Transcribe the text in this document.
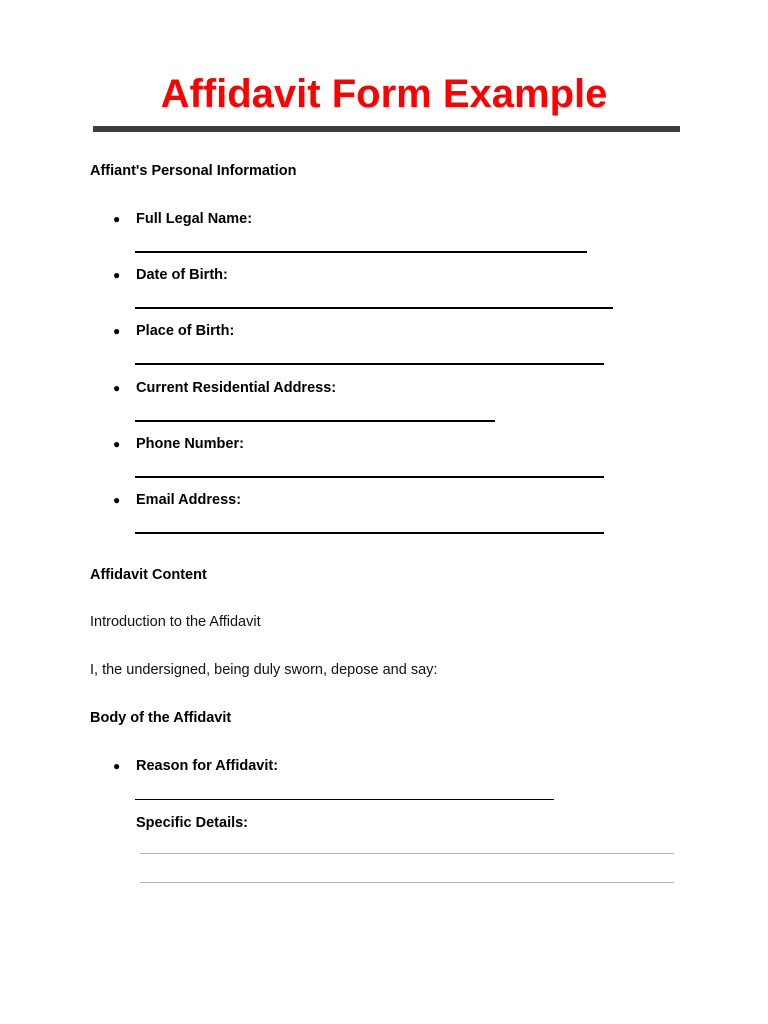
Affidavit Form Example
Affiant's Personal Information
● Full Legal Name:
● Date of Birth:
● Place of Birth:
● Current Residential Address:
● Phone Number:
● Email Address:
Affidavit Content

Introduction to the Affidavit

I, the undersigned, being duly sworn, depose and say:

Body of the Affidavit
● Reason for Affidavit:
Specific Details:
